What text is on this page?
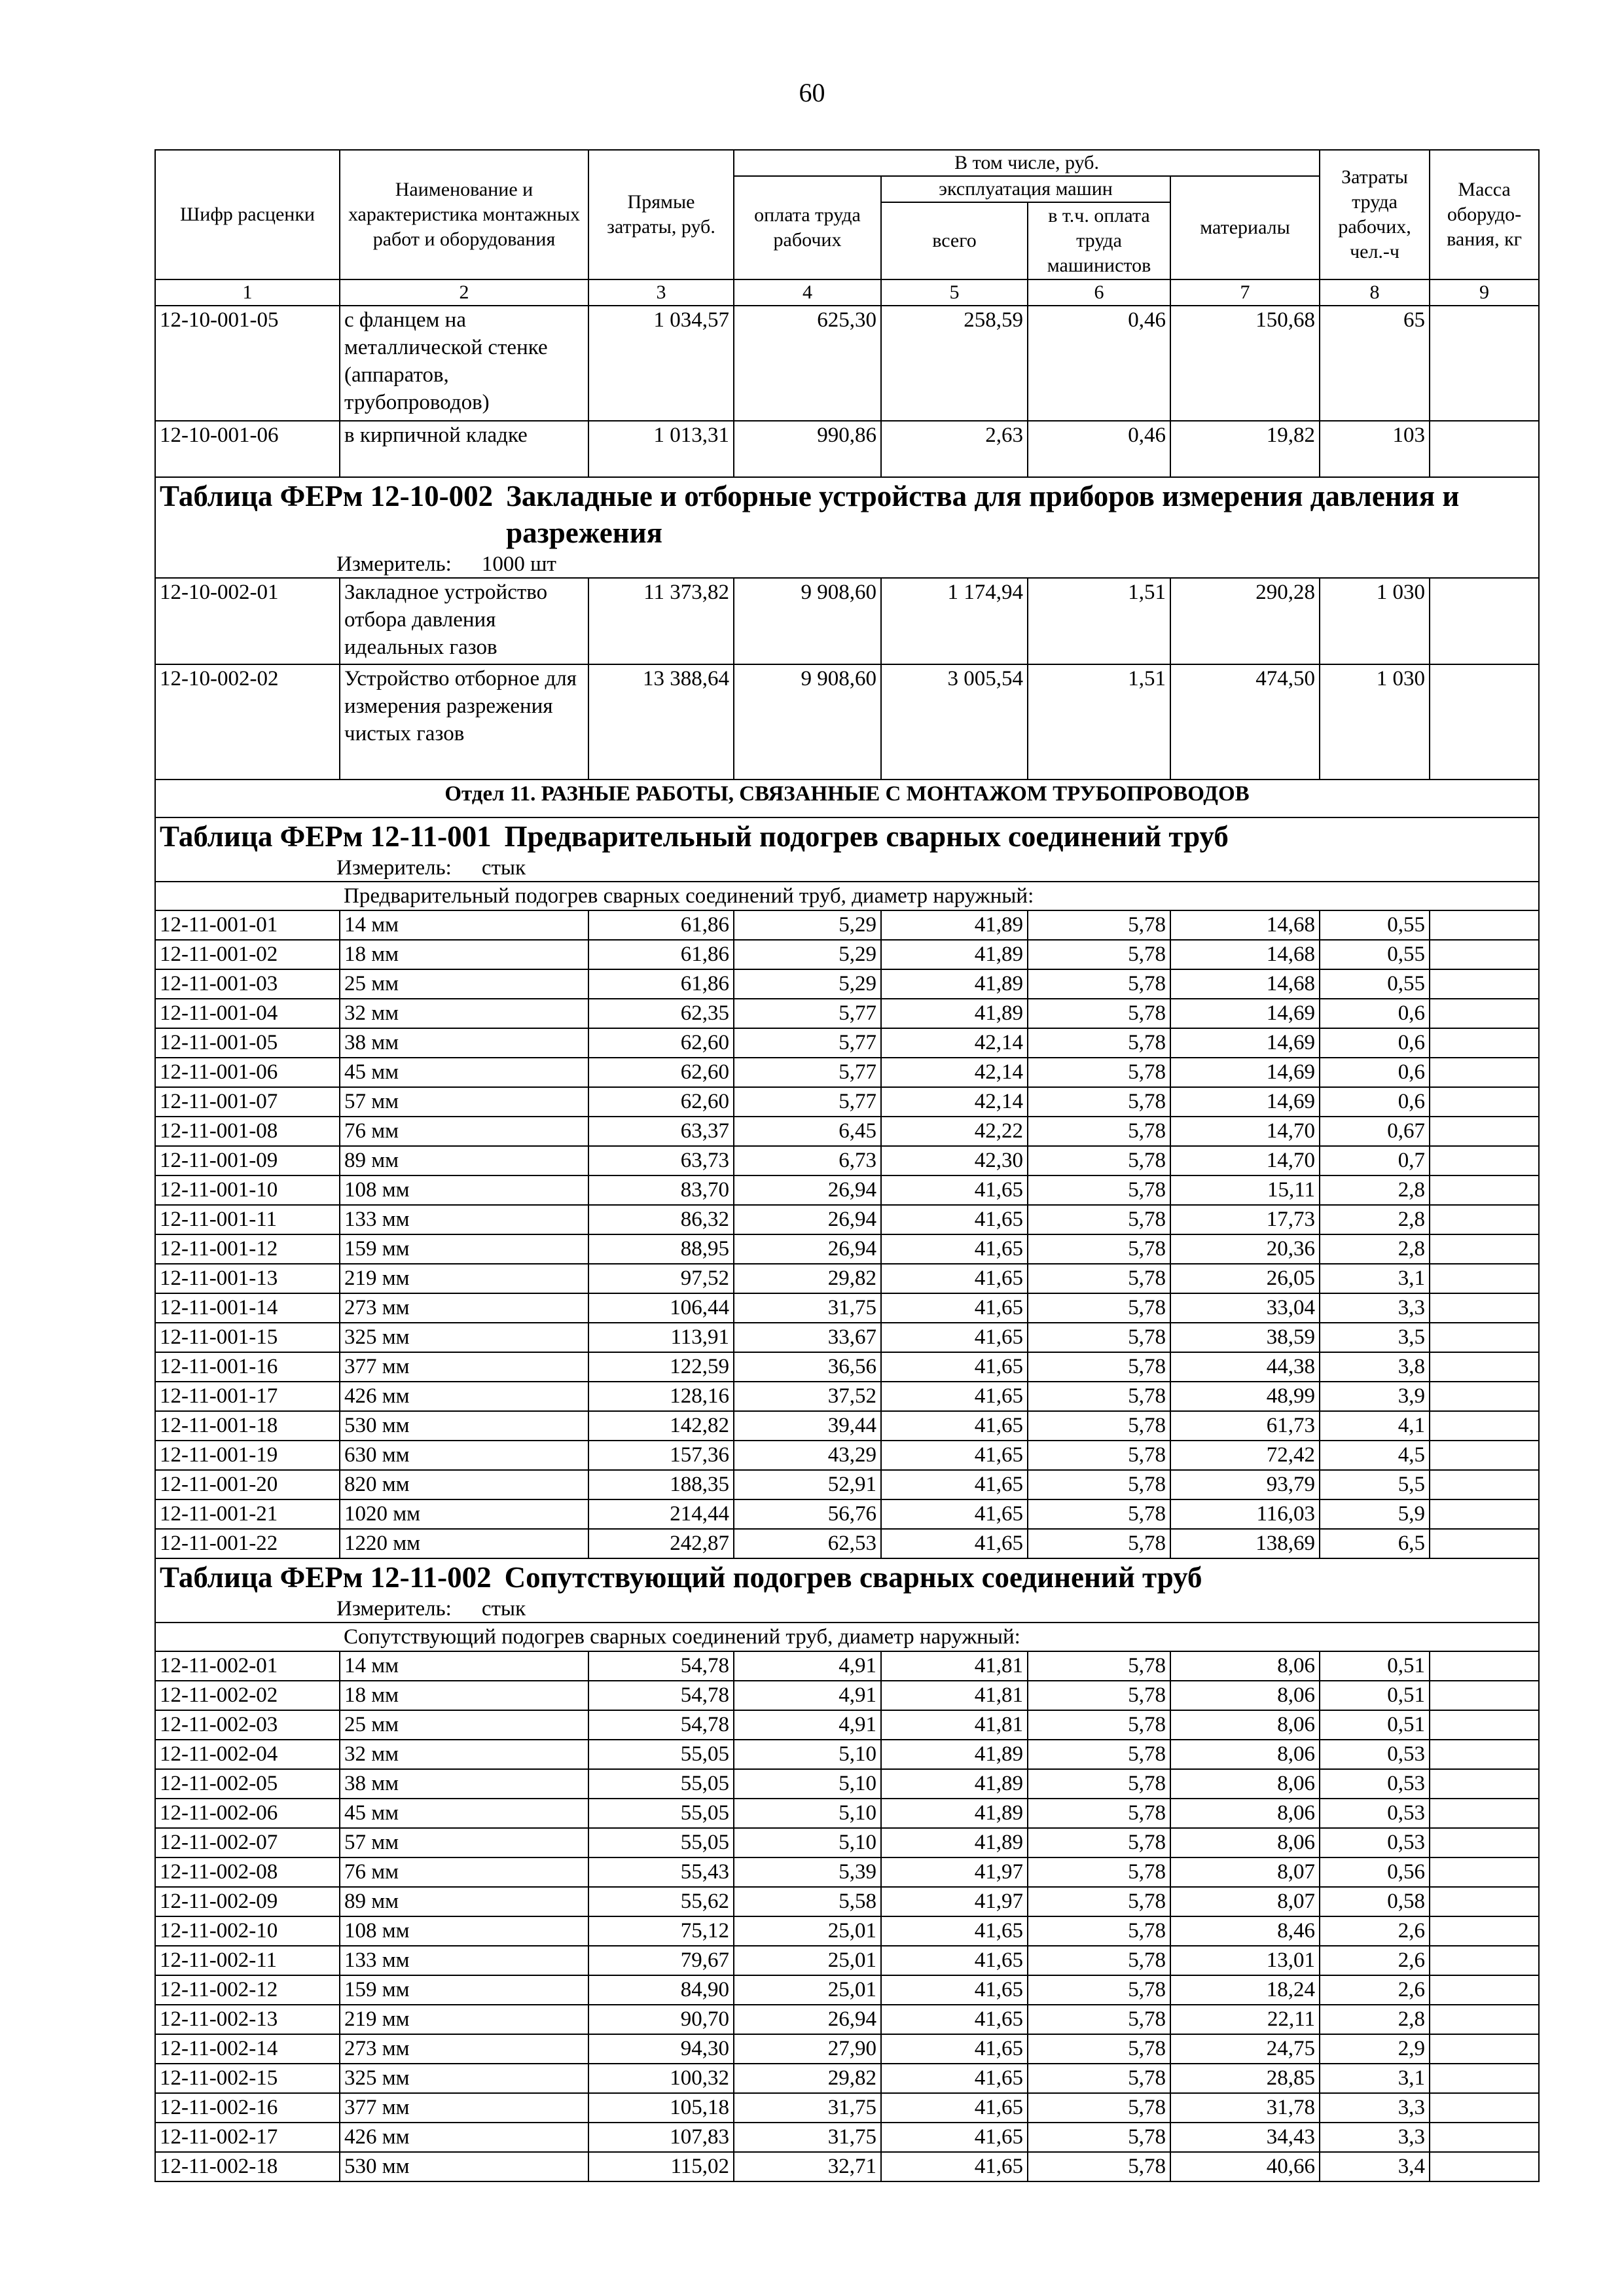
60
Шифр расценки	Наименование и характеристика монтажных работ и оборудования	Прямые затраты, руб.	В том числе, руб.				Затраты труда рабочих, чел.-ч	Масса оборудо-вания, кг
			оплата труда рабочих	эксплуатация машин		материалы		
				всего	в т.ч. оплата труда машинистов			
1	2	3	4	5	6	7	8	9
12-10-001-05	с фланцем на металлической стенке (аппаратов, трубопроводов)	1 034,57	625,30	258,59	0,46	150,68	65	
12-10-001-06	в кирпичной кладке	1 013,31	990,86	2,63	0,46	19,82	103	

Таблица ФЕРм 12-10-002 Закладные и отборные устройства для приборов измерения давления и разрежения
Измеритель: 1000 шт								

12-10-002-01	Закладное устройство отбора давления идеальных газов	11 373,82	9 908,60	1 174,94	1,51	290,28	1 030	
12-10-002-02	Устройство отборное для измерения разрежения чистых газов	13 388,64	9 908,60	3 005,54	1,51	474,50	1 030	
Отдел 11. РАЗНЫЕ РАБОТЫ, СВЯЗАННЫЕ С МОНТАЖОМ ТРУБОПРОВОДОВ								

Таблица ФЕРм 12-11-001 Предварительный подогрев сварных соединений труб
Измеритель: стык								

	Предварительный подогрев сварных соединений труб, диаметр наружный:							
12-11-001-01	14 мм	61,86	5,29	41,89	5,78	14,68	0,55	
12-11-001-02	18 мм	61,86	5,29	41,89	5,78	14,68	0,55	
12-11-001-03	25 мм	61,86	5,29	41,89	5,78	14,68	0,55	
12-11-001-04	32 мм	62,35	5,77	41,89	5,78	14,69	0,6	
12-11-001-05	38 мм	62,60	5,77	42,14	5,78	14,69	0,6	
12-11-001-06	45 мм	62,60	5,77	42,14	5,78	14,69	0,6	
12-11-001-07	57 мм	62,60	5,77	42,14	5,78	14,69	0,6	
12-11-001-08	76 мм	63,37	6,45	42,22	5,78	14,70	0,67	
12-11-001-09	89 мм	63,73	6,73	42,30	5,78	14,70	0,7	
12-11-001-10	108 мм	83,70	26,94	41,65	5,78	15,11	2,8	
12-11-001-11	133 мм	86,32	26,94	41,65	5,78	17,73	2,8	
12-11-001-12	159 мм	88,95	26,94	41,65	5,78	20,36	2,8	
12-11-001-13	219 мм	97,52	29,82	41,65	5,78	26,05	3,1	
12-11-001-14	273 мм	106,44	31,75	41,65	5,78	33,04	3,3	
12-11-001-15	325 мм	113,91	33,67	41,65	5,78	38,59	3,5	
12-11-001-16	377 мм	122,59	36,56	41,65	5,78	44,38	3,8	
12-11-001-17	426 мм	128,16	37,52	41,65	5,78	48,99	3,9	
12-11-001-18	530 мм	142,82	39,44	41,65	5,78	61,73	4,1	
12-11-001-19	630 мм	157,36	43,29	41,65	5,78	72,42	4,5	
12-11-001-20	820 мм	188,35	52,91	41,65	5,78	93,79	5,5	
12-11-001-21	1020 мм	214,44	56,76	41,65	5,78	116,03	5,9	
12-11-001-22	1220 мм	242,87	62,53	41,65	5,78	138,69	6,5	

Таблица ФЕРм 12-11-002 Сопутствующий подогрев сварных соединений труб
Измеритель: стык								

	Сопутствующий подогрев сварных соединений труб, диаметр наружный:							
12-11-002-01	14 мм	54,78	4,91	41,81	5,78	8,06	0,51	
12-11-002-02	18 мм	54,78	4,91	41,81	5,78	8,06	0,51	
12-11-002-03	25 мм	54,78	4,91	41,81	5,78	8,06	0,51	
12-11-002-04	32 мм	55,05	5,10	41,89	5,78	8,06	0,53	
12-11-002-05	38 мм	55,05	5,10	41,89	5,78	8,06	0,53	
12-11-002-06	45 мм	55,05	5,10	41,89	5,78	8,06	0,53	
12-11-002-07	57 мм	55,05	5,10	41,89	5,78	8,06	0,53	
12-11-002-08	76 мм	55,43	5,39	41,97	5,78	8,07	0,56	
12-11-002-09	89 мм	55,62	5,58	41,97	5,78	8,07	0,58	
12-11-002-10	108 мм	75,12	25,01	41,65	5,78	8,46	2,6	
12-11-002-11	133 мм	79,67	25,01	41,65	5,78	13,01	2,6	
12-11-002-12	159 мм	84,90	25,01	41,65	5,78	18,24	2,6	
12-11-002-13	219 мм	90,70	26,94	41,65	5,78	22,11	2,8	
12-11-002-14	273 мм	94,30	27,90	41,65	5,78	24,75	2,9	
12-11-002-15	325 мм	100,32	29,82	41,65	5,78	28,85	3,1	
12-11-002-16	377 мм	105,18	31,75	41,65	5,78	31,78	3,3	
12-11-002-17	426 мм	107,83	31,75	41,65	5,78	34,43	3,3	
12-11-002-18	530 мм	115,02	32,71	41,65	5,78	40,66	3,4	
